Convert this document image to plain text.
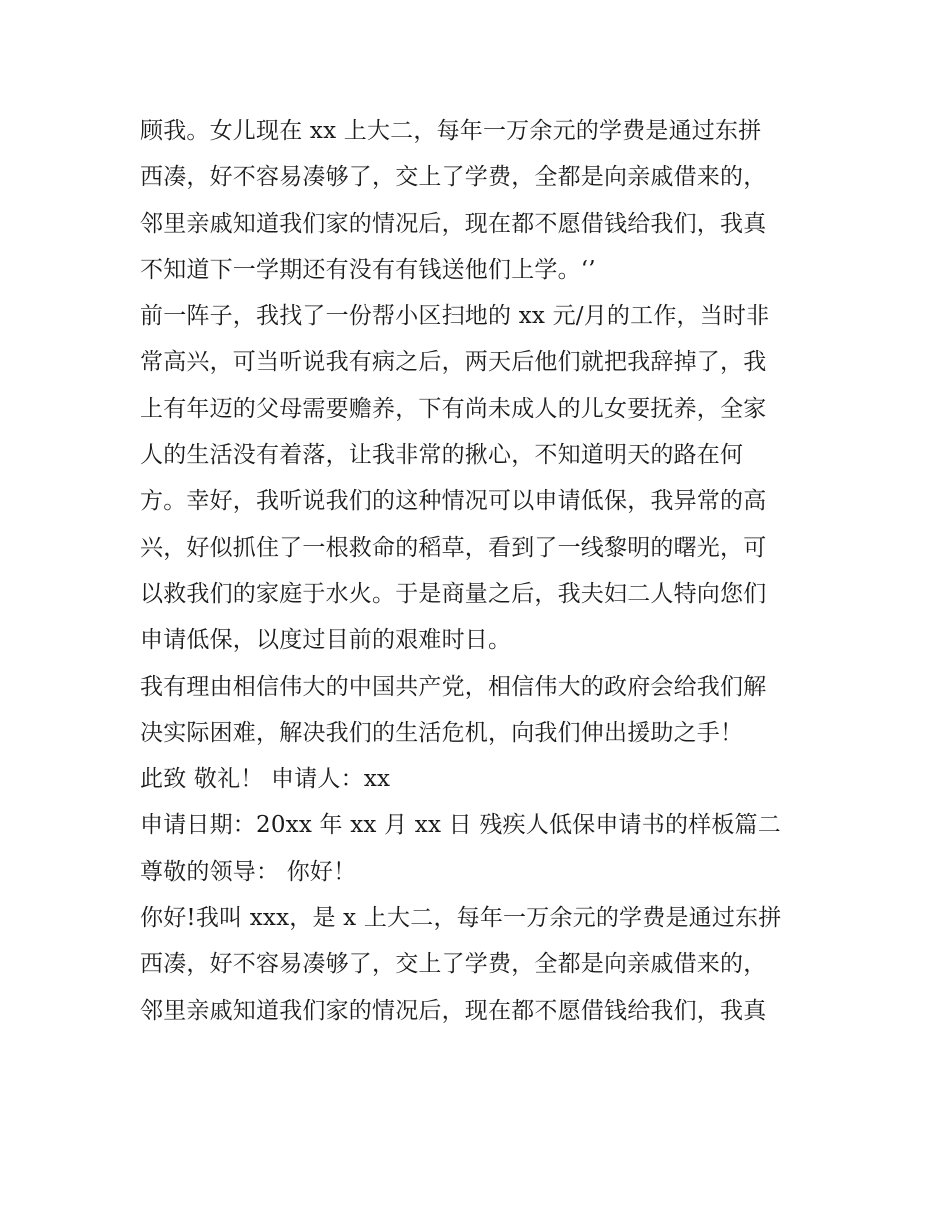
顾我。女儿现在 xx 上大二，每年一万余元的学费是通过东拼
西凑，好不容易凑够了，交上了学费，全都是向亲戚借来的，
邻里亲戚知道我们家的情况后，现在都不愿借钱给我们，我真
不知道下一学期还有没有有钱送他们上学。‘’
前一阵子，我找了一份帮小区扫地的 xx 元/月的工作，当时非
常高兴，可当听说我有病之后，两天后他们就把我辞掉了，我
上有年迈的父母需要赡养，下有尚未成人的儿女要抚养，全家
人的生活没有着落，让我非常的揪心，不知道明天的路在何
方。幸好，我听说我们的这种情况可以申请低保，我异常的高
兴，好似抓住了一根救命的稻草，看到了一线黎明的曙光，可
以救我们的家庭于水火。于是商量之后，我夫妇二人特向您们
申请低保，以度过目前的艰难时日。
我有理由相信伟大的中国共产党，相信伟大的政府会给我们解
决实际困难，解决我们的生活危机，向我们伸出援助之手！
此致 敬礼！ 申请人：xx
申请日期：20xx 年 xx 月 xx 日 残疾人低保申请书的样板篇二
尊敬的领导： 你好！
你好!我叫 xxx，是 x 上大二，每年一万余元的学费是通过东拼
西凑，好不容易凑够了，交上了学费，全都是向亲戚借来的，
邻里亲戚知道我们家的情况后，现在都不愿借钱给我们，我真
